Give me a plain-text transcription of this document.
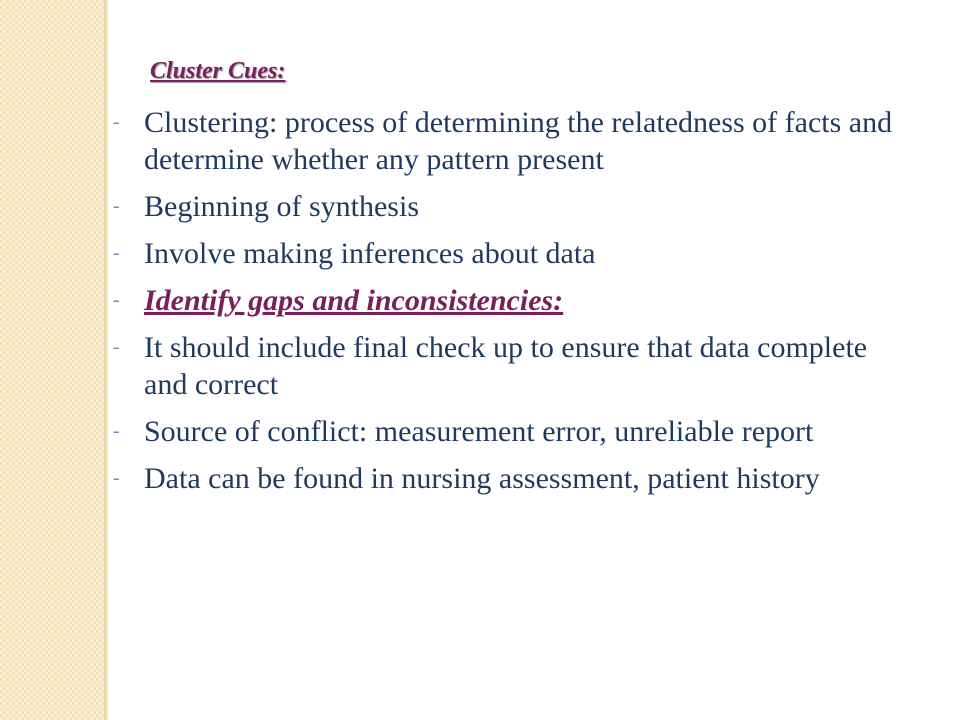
Cluster Cues:
- Clustering: process of determining the relatedness of facts and determine whether any pattern present
- Beginning of synthesis
- Involve making inferences about data
- Identify gaps and inconsistencies:
- It should include final check up to ensure that data complete and correct
- Source of conflict: measurement error, unreliable report
- Data can be found in nursing assessment, patient history
